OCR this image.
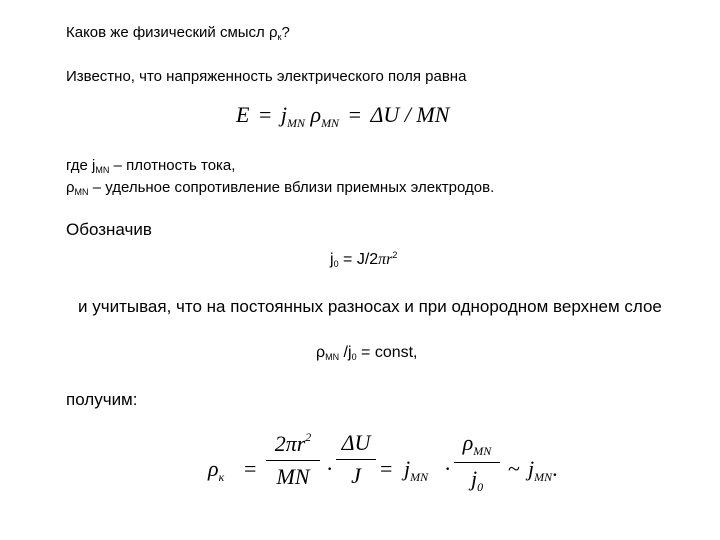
Каков же физический смысл $\rho_к$?
Известно, что напряженность электрического поля равна
$E = j_{MN}$ $\rho_{MN} = \Delta U$ / MN
где $j_{MN}$ – плотность тока,
$\rho_{MN}$ – удельное сопротивление вблизи приемных электродов.
Обозначив
$j_0 = J/2\pi r^2$
и учитывая, что на постоянных разносах и при однородном верхнем слое
$\rho_{MN}$ $/j_0$ = const,
получим:
$\rho_к$ =
$2\pi r^2$
MN ·
ΔU
$J = j_{MN}$ ·
$\rho_{MN}$
$j_0$
~ $j_{MN}$.
